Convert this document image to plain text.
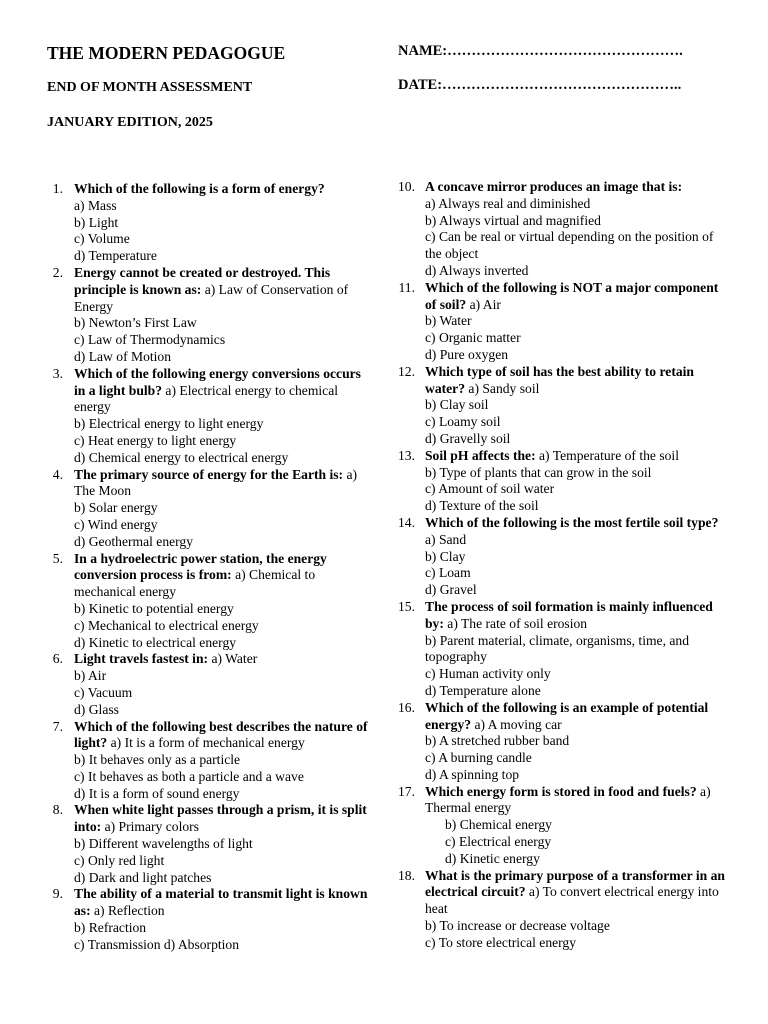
THE MODERN PEDAGOGUE
END OF MONTH ASSESSMENT
JANUARY EDITION, 2025
NAME:………………………………………….
DATE:…………………………………………..
1. Which of the following is a form of energy?
a) Mass
b) Light
c) Volume
d) Temperature
2. Energy cannot be created or destroyed. This principle is known as: a) Law of Conservation of Energy
b) Newton’s First Law
c) Law of Thermodynamics
d) Law of Motion
3. Which of the following energy conversions occurs in a light bulb? a) Electrical energy to chemical energy
b) Electrical energy to light energy
c) Heat energy to light energy
d) Chemical energy to electrical energy
4. The primary source of energy for the Earth is: a) The Moon
b) Solar energy
c) Wind energy
d) Geothermal energy
5. In a hydroelectric power station, the energy conversion process is from: a) Chemical to mechanical energy
b) Kinetic to potential energy
c) Mechanical to electrical energy
d) Kinetic to electrical energy
6. Light travels fastest in: a) Water
b) Air
c) Vacuum
d) Glass
7. Which of the following best describes the nature of light? a) It is a form of mechanical energy
b) It behaves only as a particle
c) It behaves as both a particle and a wave
d) It is a form of sound energy
8. When white light passes through a prism, it is split into: a) Primary colors
b) Different wavelengths of light
c) Only red light
d) Dark and light patches
9. The ability of a material to transmit light is known as: a) Reflection
b) Refraction
c) Transmission d) Absorption
10. A concave mirror produces an image that is:
a) Always real and diminished
b) Always virtual and magnified
c) Can be real or virtual depending on the position of the object
d) Always inverted
11. Which of the following is NOT a major component of soil? a) Air
b) Water
c) Organic matter
d) Pure oxygen
12. Which type of soil has the best ability to retain water? a) Sandy soil
b) Clay soil
c) Loamy soil
d) Gravelly soil
13. Soil pH affects the: a) Temperature of the soil
b) Type of plants that can grow in the soil
c) Amount of soil water
d) Texture of the soil
14. Which of the following is the most fertile soil type? a) Sand
b) Clay
c) Loam
d) Gravel
15. The process of soil formation is mainly influenced by: a) The rate of soil erosion
b) Parent material, climate, organisms, time, and topography
c) Human activity only
d) Temperature alone
16. Which of the following is an example of potential energy? a) A moving car
b) A stretched rubber band
c) A burning candle
d) A spinning top
17. Which energy form is stored in food and fuels? a) Thermal energy
b) Chemical energy
c) Electrical energy
d) Kinetic energy
18. What is the primary purpose of a transformer in an electrical circuit? a) To convert electrical energy into heat
b) To increase or decrease voltage
c) To store electrical energy
